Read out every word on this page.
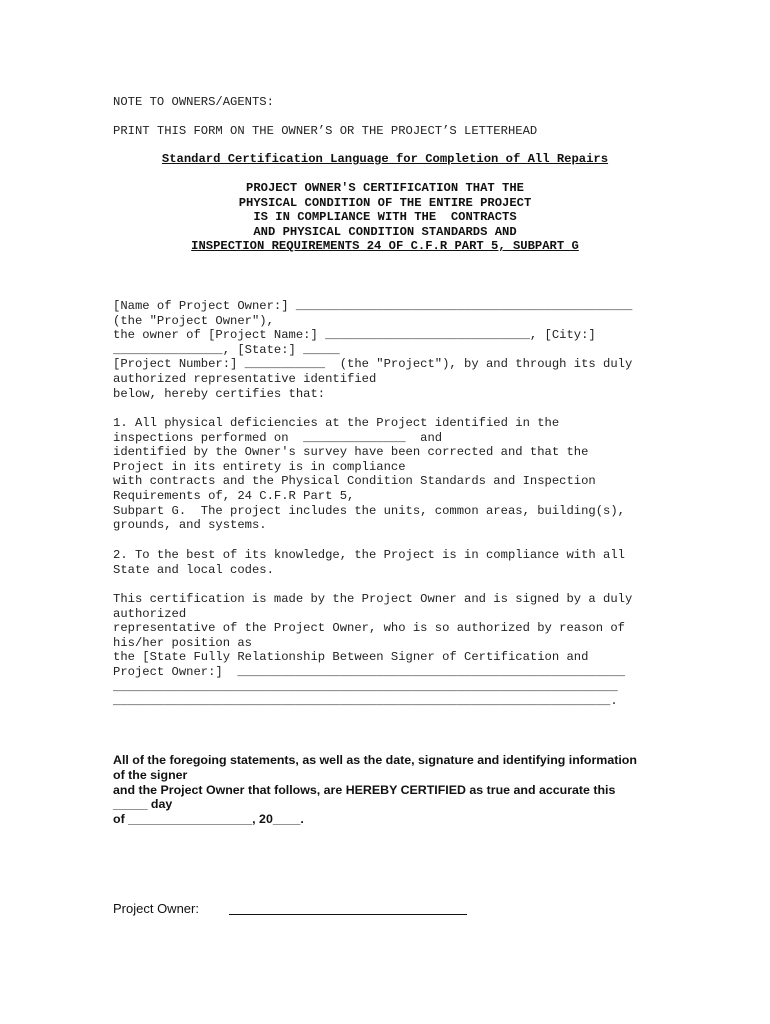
NOTE TO OWNERS/AGENTS:
PRINT THIS FORM ON THE OWNER’S OR THE PROJECT’S LETTERHEAD
Standard Certification Language for Completion of All Repairs
PROJECT OWNER'S CERTIFICATION THAT THE
PHYSICAL CONDITION OF THE ENTIRE PROJECT
IS IN COMPLIANCE WITH THE  CONTRACTS
AND PHYSICAL CONDITION STANDARDS AND
INSPECTION REQUIREMENTS 24 OF C.F.R PART 5, SUBPART G
[Name of Project Owner:] ______________________________________________
(the "Project Owner"),
the owner of [Project Name:] ____________________________, [City:]
_______________, [State:] _____
[Project Number:] ___________  (the "Project"), by and through its duly
authorized representative identified
below, hereby certifies that:
1. All physical deficiencies at the Project identified in the
inspections performed on  ______________  and
identified by the Owner's survey have been corrected and that the
Project in its entirety is in compliance
with contracts and the Physical Condition Standards and Inspection
Requirements of, 24 C.F.R Part 5,
Subpart G.  The project includes the units, common areas, building(s),
grounds, and systems.
2. To the best of its knowledge, the Project is in compliance with all
State and local codes.
This certification is made by the Project Owner and is signed by a duly
authorized
representative of the Project Owner, who is so authorized by reason of
his/her position as
the [State Fully Relationship Between Signer of Certification and
Project Owner:]  _____________________________________________________
_____________________________________________________________________
____________________________________________________________________.
All of the foregoing statements, as well as the date, signature and identifying information
of the signer
and the Project Owner that follows, are HEREBY CERTIFIED as true and accurate this
_____ day
of __________________, 20____.
Project Owner:
